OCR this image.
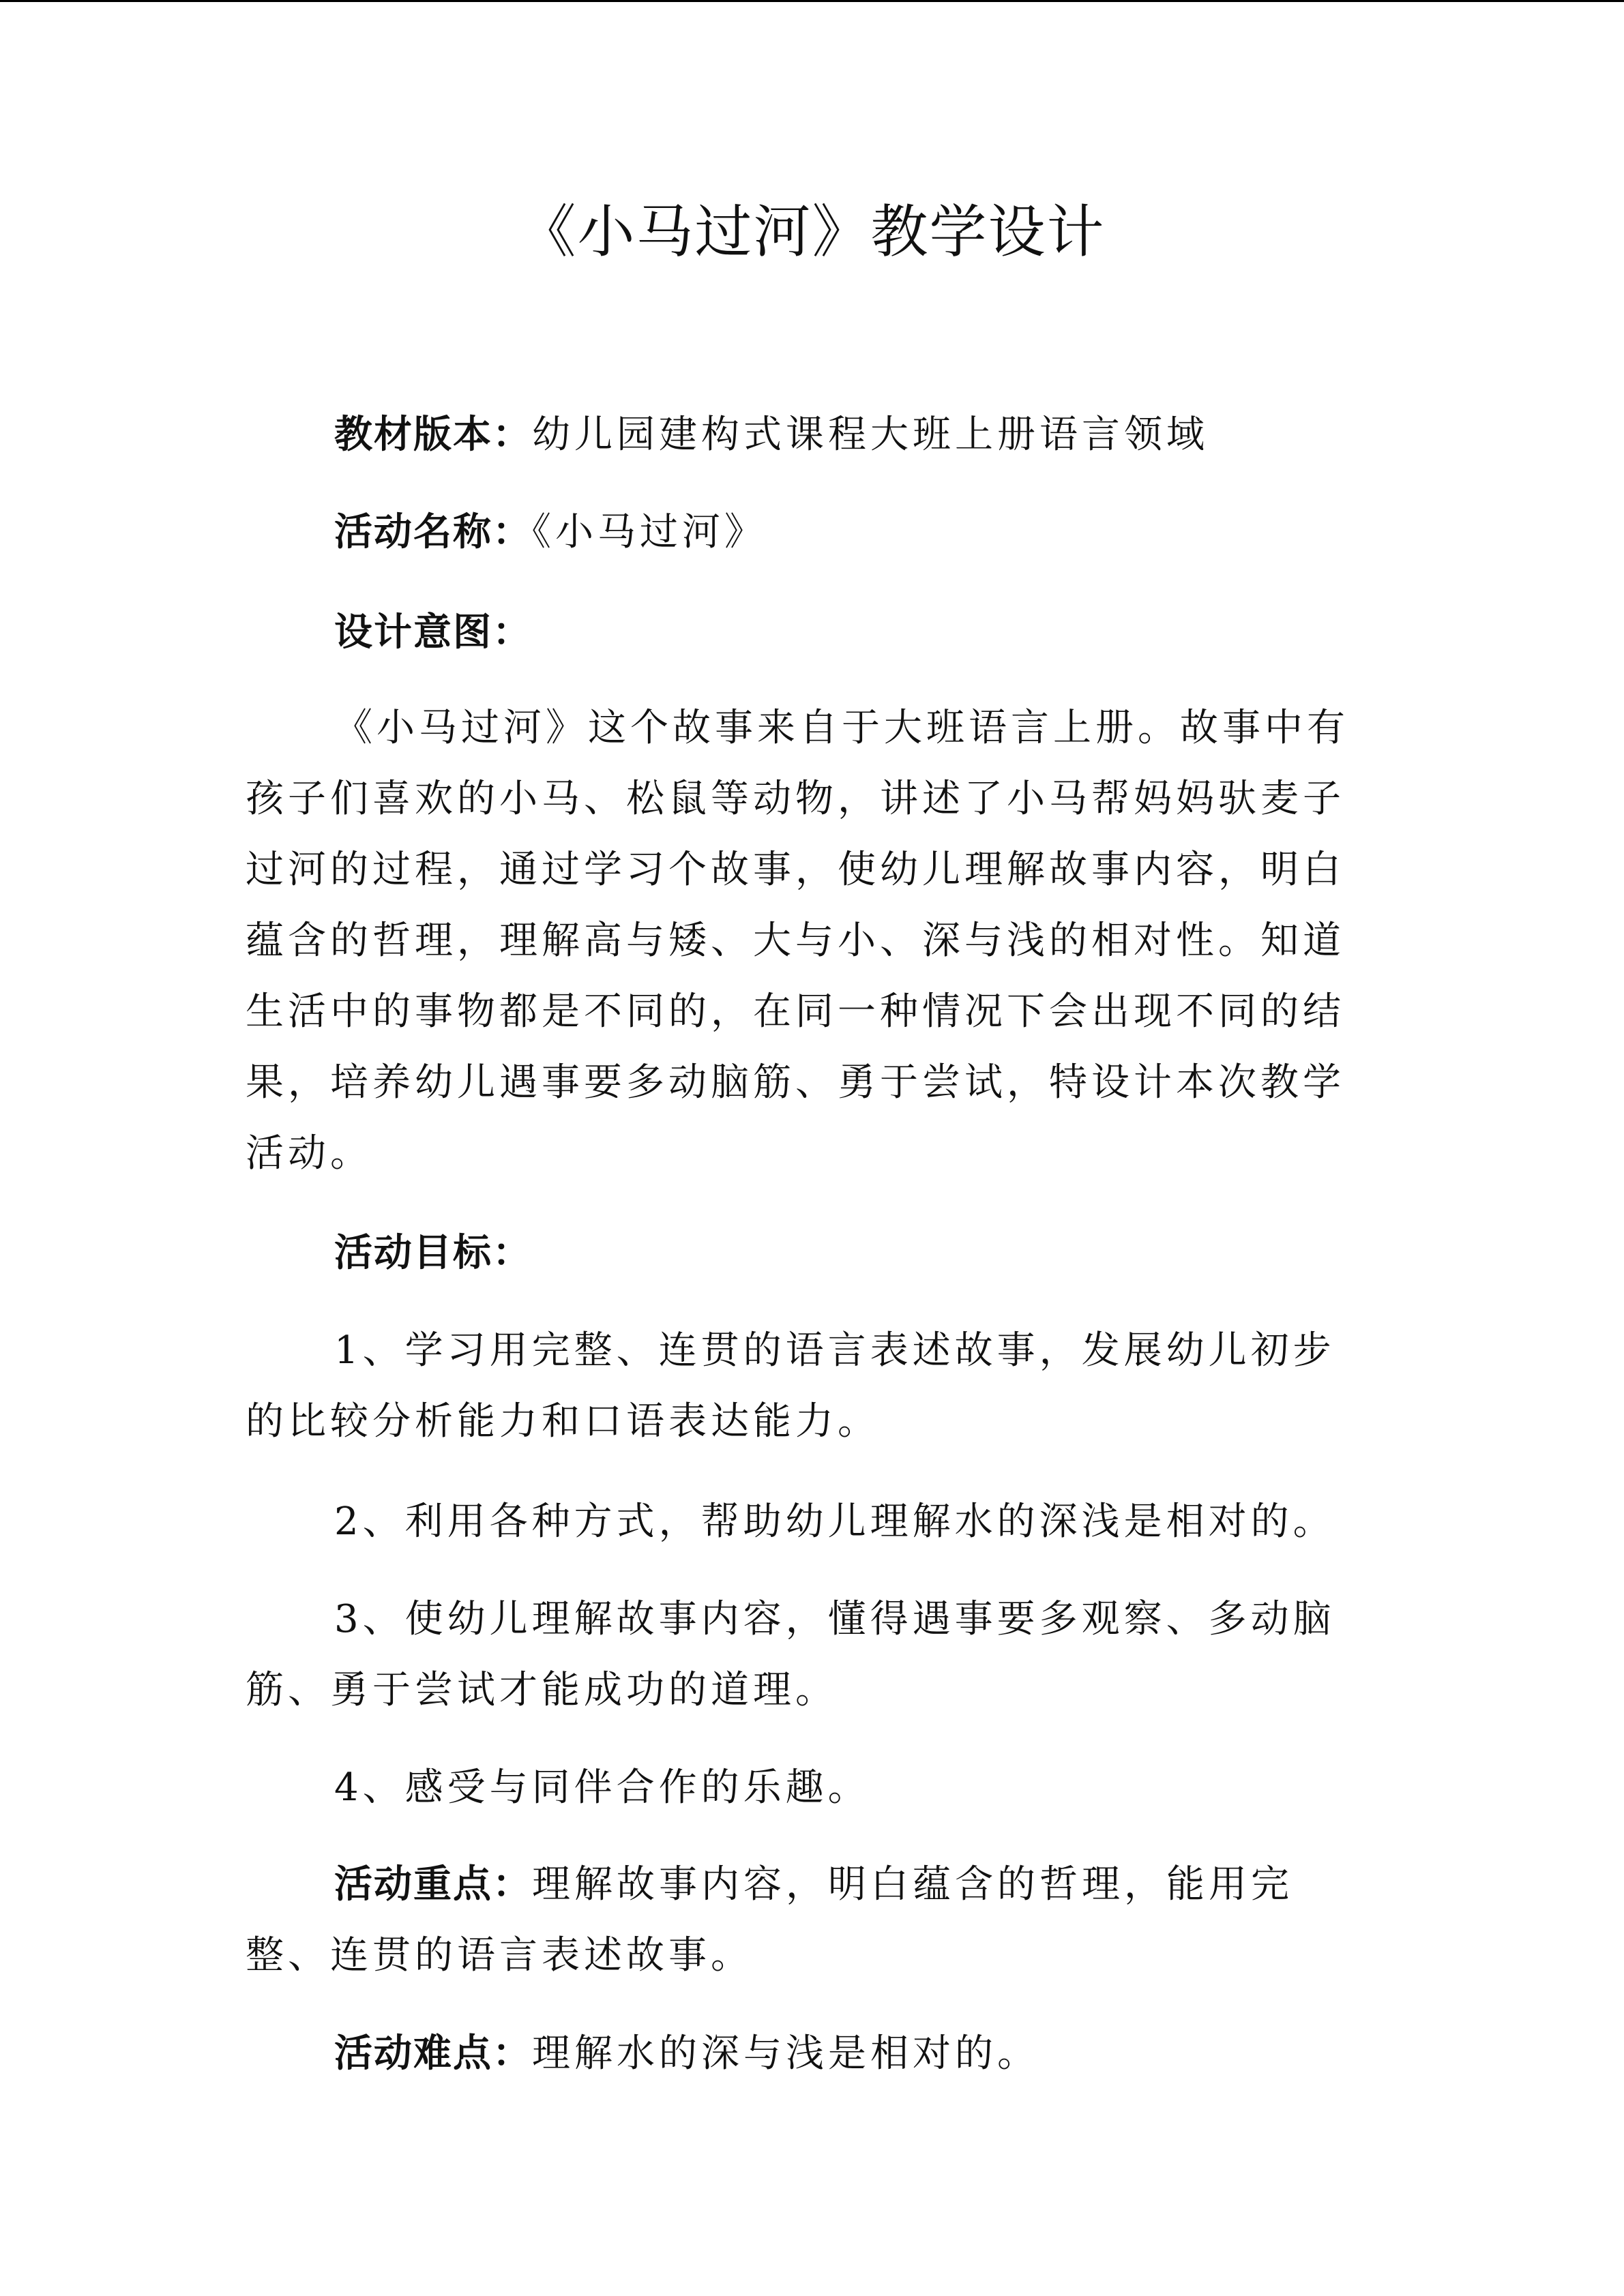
《小马过河》教学设计

教材版本：幼儿园建构式课程大班上册语言领域

活动名称：《小马过河》

设计意图：

《小马过河》这个故事来自于大班语言上册。故事中有孩子们喜欢的小马、松鼠等动物，讲述了小马帮妈妈驮麦子过河的过程，通过学习个故事，使幼儿理解故事内容，明白蕴含的哲理，理解高与矮、大与小、深与浅的相对性。知道生活中的事物都是不同的，在同一种情况下会出现不同的结果，培养幼儿遇事要多动脑筋、勇于尝试，特设计本次教学活动。

活动目标：

1、学习用完整、连贯的语言表述故事，发展幼儿初步的比较分析能力和口语表达能力。

2、利用各种方式，帮助幼儿理解水的深浅是相对的。

3、使幼儿理解故事内容，懂得遇事要多观察、多动脑筋、勇于尝试才能成功的道理。

4、感受与同伴合作的乐趣。

活动重点：理解故事内容，明白蕴含的哲理，能用完整、连贯的语言表述故事。

活动难点：理解水的深与浅是相对的。
